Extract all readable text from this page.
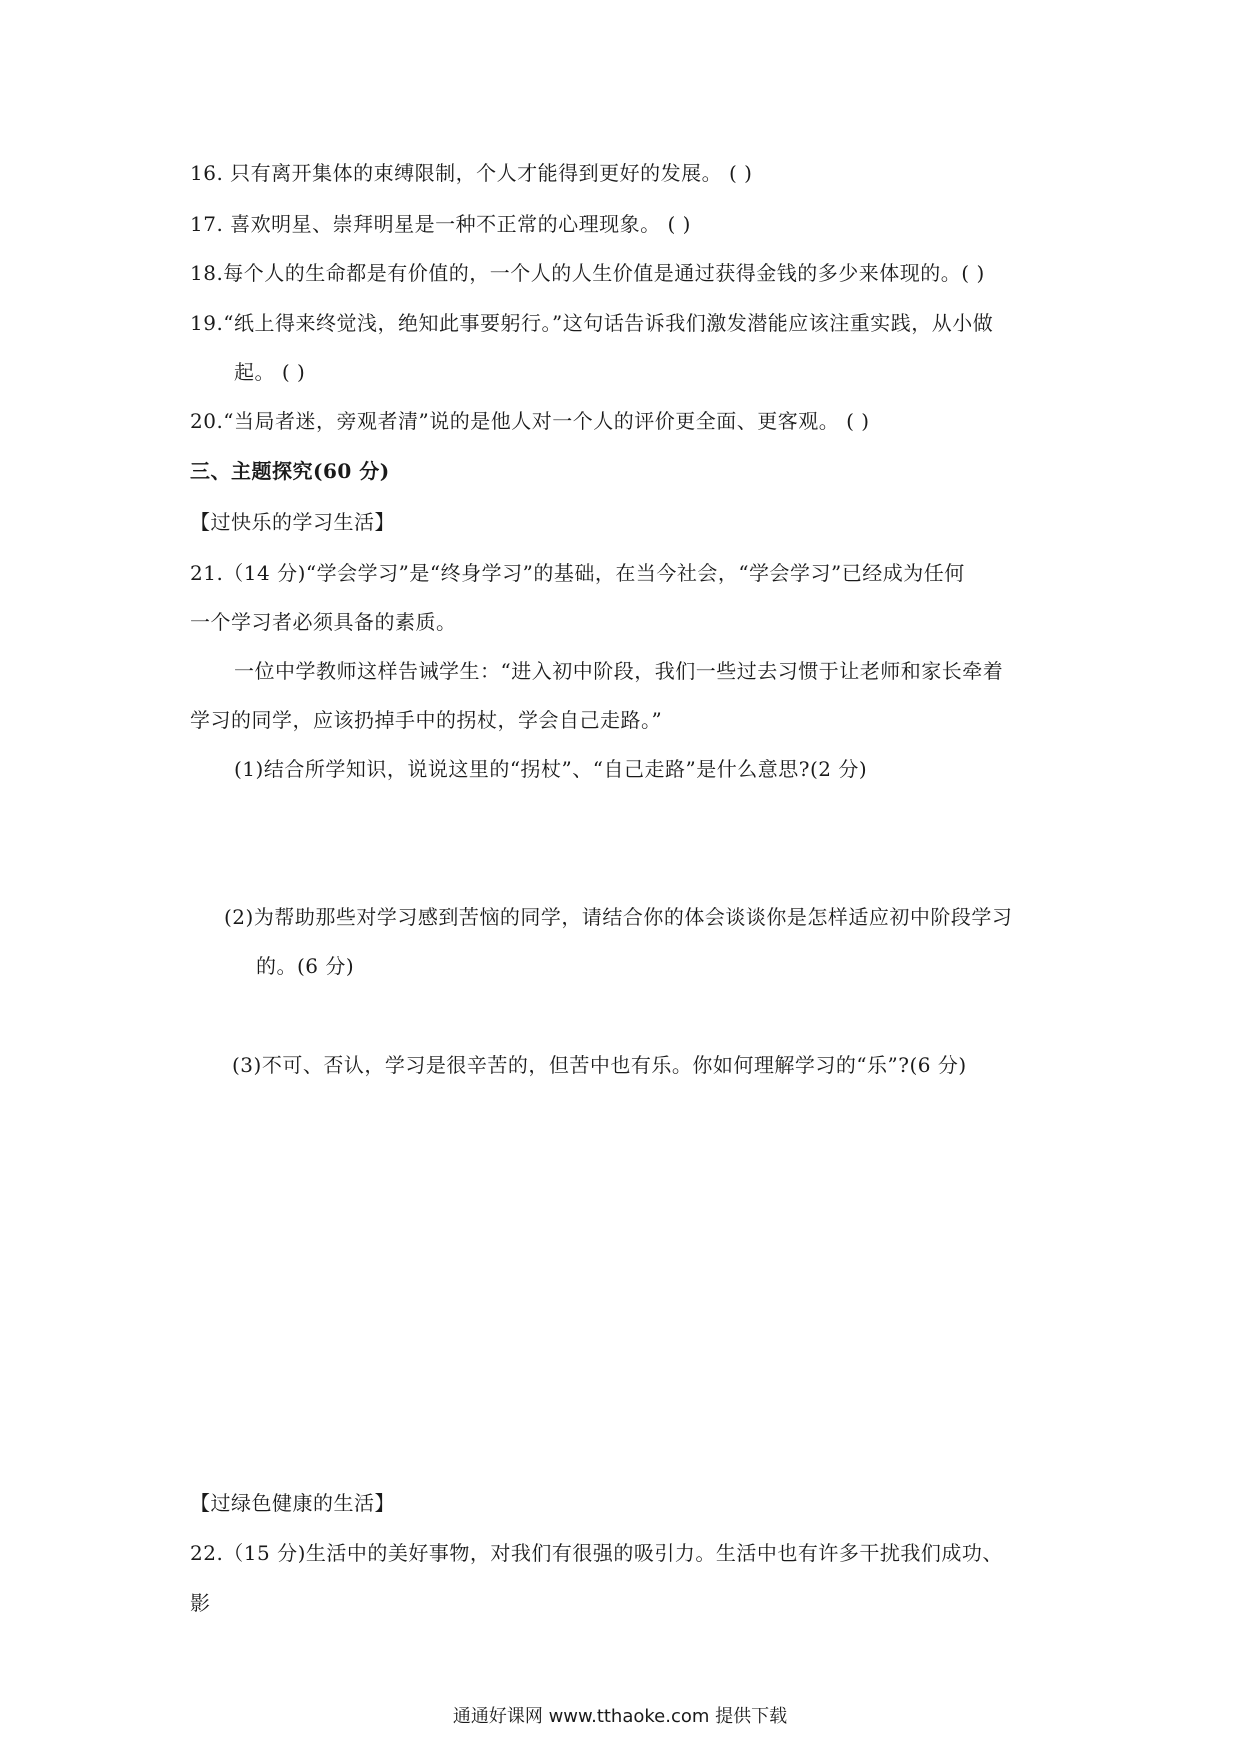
16. 只有离开集体的束缚限制，个人才能得到更好的发展。 ( )
17. 喜欢明星、崇拜明星是一种不正常的心理现象。 ( )
18.每个人的生命都是有价值的，一个人的人生价值是通过获得金钱的多少来体现的。( )
19.“纸上得来终觉浅，绝知此事要躬行。”这句话告诉我们激发潜能应该注重实践，从小做
起。 ( )
20.“当局者迷，旁观者清”说的是他人对一个人的评价更全面、更客观。 ( )
三、主题探究(60 分)
【过快乐的学习生活】
21.（14 分)“学会学习”是“终身学习”的基础，在当今社会，“学会学习”已经成为任何
一个学习者必须具备的素质。
一位中学教师这样告诫学生：“进入初中阶段，我们一些过去习惯于让老师和家长牵着
学习的同学，应该扔掉手中的拐杖，学会自己走路。”
(1)结合所学知识，说说这里的“拐杖”、“自己走路”是什么意思?(2 分)
(2)为帮助那些对学习感到苦恼的同学，请结合你的体会谈谈你是怎样适应初中阶段学习
的。(6 分)
(3)不可、否认，学习是很辛苦的，但苦中也有乐。你如何理解学习的“乐”?(6 分)
【过绿色健康的生活】
22.（15 分)生活中的美好事物，对我们有很强的吸引力。生活中也有许多干扰我们成功、
影
通通好课网 www.tthaoke.com 提供下载
